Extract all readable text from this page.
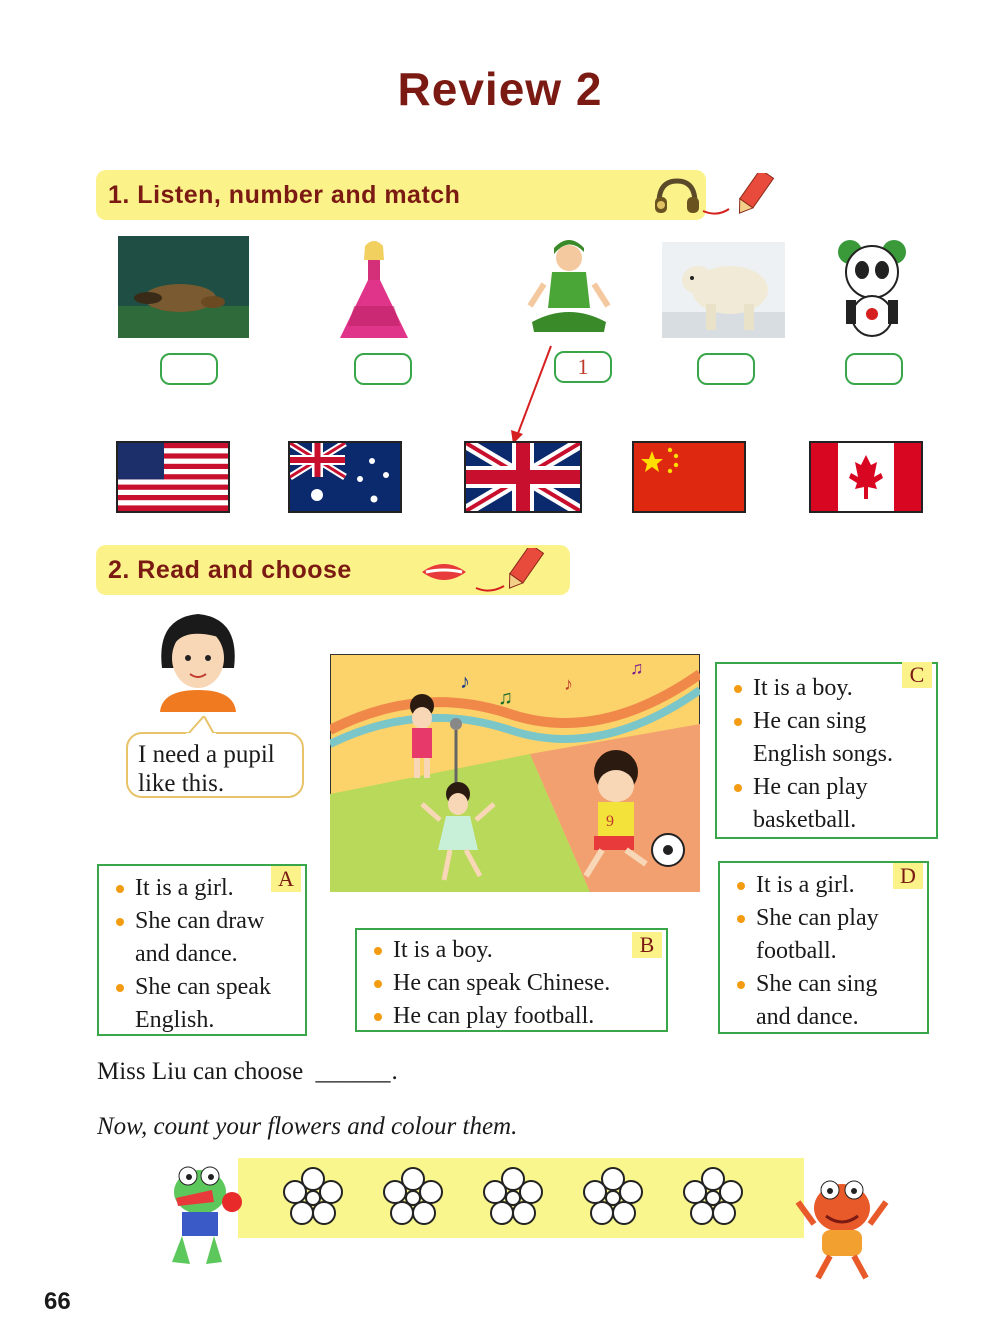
Review 2
1. Listen, number and match
1
2. Read and choose
I need a pupil
like this.
♪
♫
♪
♫
9
C
It is a boy.
He can sing
English songs.
He can play
basketball.
A
It is a girl.
She can draw
and dance.
She can speak
English.
B
It is a boy.
He can speak Chinese.
He can play football.
D
It is a girl.
She can play
football.
She can sing
and dance.
Miss Liu can choose ______.
Now, count your flowers and colour them.
66
